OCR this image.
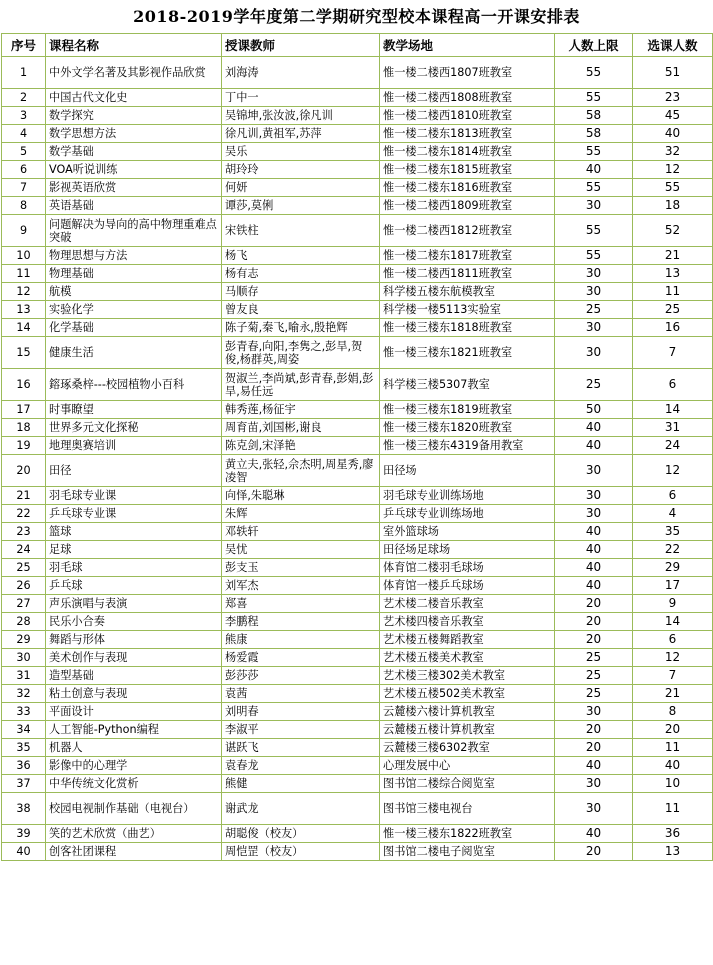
2018-2019学年度第二学期研究型校本课程高一开课安排表
序号	课程名称	授课教师	教学场地	人数上限	选课人数
1	中外文学名著及其影视作品欣赏	刘海涛	惟一楼二楼西1807班教室	55	51
2	中国古代文化史	丁中一	惟一楼二楼西1808班教室	55	23
3	数学探究	吴锦坤,张汝波,徐凡训	惟一楼二楼西1810班教室	58	45
4	数学思想方法	徐凡训,黄祖军,苏萍	惟一楼二楼东1813班教室	58	40
5	数学基础	吴乐	惟一楼二楼东1814班教室	55	32
6	VOA听说训练	胡玲玲	惟一楼二楼东1815班教室	40	12
7	影视英语欣赏	何妍	惟一楼二楼东1816班教室	55	55
8	英语基础	谭莎,莫俐	惟一楼二楼西1809班教室	30	18
9	问题解决为导向的高中物理重难点突破	宋铁柱	惟一楼二楼西1812班教室	55	52
10	物理思想与方法	杨飞	惟一楼二楼东1817班教室	55	21
11	物理基础	杨有志	惟一楼二楼西1811班教室	30	13
12	航模	马顺存	科学楼五楼东航模教室	30	11
13	实验化学	曾友良	科学楼一楼5113实验室	25	25
14	化学基础	陈子菊,秦飞,喻永,殷艳辉	惟一楼三楼东1818班教室	30	16
15	健康生活	彭青春,向阳,李隽之,彭旱,贺俊,杨群英,周姿	惟一楼三楼东1821班教室	30	7
16	鎔琢桑梓---校园植物小百科	贺淑兰,李尚斌,彭青春,彭娟,彭旱,易任远	科学楼三楼5307教室	25	6
17	时事瞭望	韩秀莲,杨征宇	惟一楼三楼东1819班教室	50	14
18	世界多元文化探秘	周育苗,刘国彬,谢良	惟一楼三楼东1820班教室	40	31
19	地理奥赛培训	陈克剑,宋泽艳	惟一楼三楼东4319备用教室	40	24
20	田径	黄立夫,张轻,佘杰明,周星秀,廖凌智	田径场	30	12
21	羽毛球专业课	向怿,朱聪琳	羽毛球专业训练场地	30	6
22	乒乓球专业课	朱辉	乒乓球专业训练场地	30	4
23	篮球	邓轶轩	室外篮球场	40	35
24	足球	吴忧	田径场足球场	40	22
25	羽毛球	彭支玉	体育馆二楼羽毛球场	40	29
26	乒乓球	刘军杰	体育馆一楼乒乓球场	40	17
27	声乐演唱与表演	郑喜	艺术楼二楼音乐教室	20	9
28	民乐小合奏	李鹏程	艺术楼四楼音乐教室	20	14
29	舞蹈与形体	熊康	艺术楼五楼舞蹈教室	20	6
30	美术创作与表现	杨爱霞	艺术楼五楼美术教室	25	12
31	造型基础	彭莎莎	艺术楼三楼302美术教室	25	7
32	粘土创意与表现	袁茜	艺术楼五楼502美术教室	25	21
33	平面设计	刘明春	云麓楼六楼计算机教室	30	8
34	人工智能-Python编程	李淑平	云麓楼五楼计算机教室	20	20
35	机器人	谌跃飞	云麓楼三楼6302教室	20	11
36	影像中的心理学	袁春龙	心理发展中心	40	40
37	中华传统文化赏析	熊健	图书馆二楼综合阅览室	30	10
38	校园电视制作基础（电视台）	谢武龙	图书馆三楼电视台	30	11
39	笑的艺术欣赏（曲艺）	胡聪俊（校友）	惟一楼三楼东1822班教室	40	36
40	创客社团课程	周恺罡（校友）	图书馆二楼电子阅览室	20	13
